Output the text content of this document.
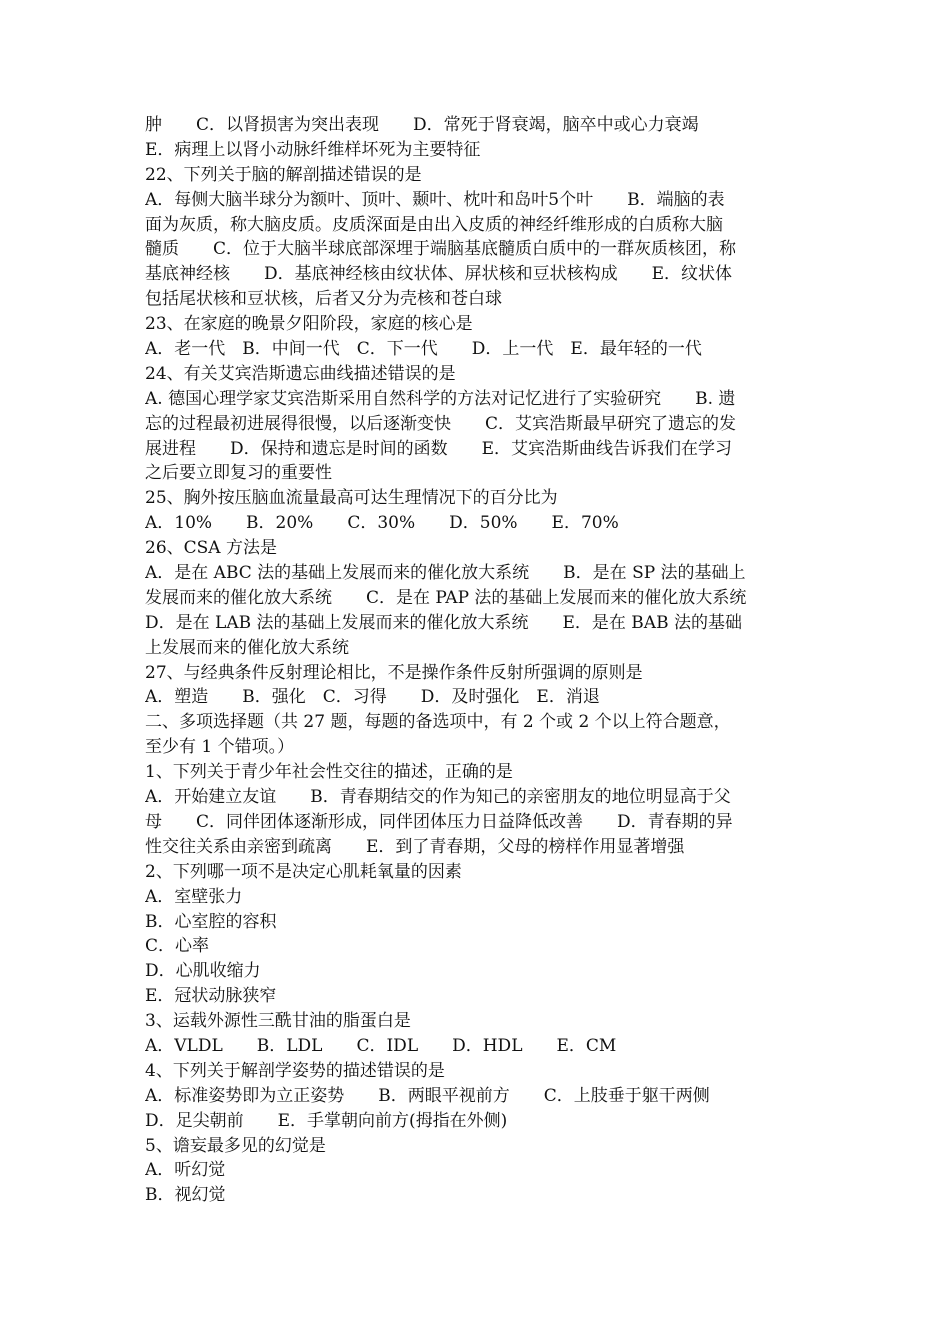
肿　　C．以肾损害为突出表现　　D．常死于肾衰竭，脑卒中或心力衰竭
E．病理上以肾小动脉纤维样坏死为主要特征
22、下列关于脑的解剖描述错误的是
A．每侧大脑半球分为额叶、顶叶、颞叶、枕叶和岛叶5个叶　　B．端脑的表
面为灰质，称大脑皮质。皮质深面是由出入皮质的神经纤维形成的白质称大脑
髓质　　C．位于大脑半球底部深埋于端脑基底髓质白质中的一群灰质核团，称
基底神经核　　D．基底神经核由纹状体、屏状核和豆状核构成　　E．纹状体
包括尾状核和豆状核，后者又分为壳核和苍白球
23、在家庭的晚景夕阳阶段，家庭的核心是
A．老一代　B．中间一代　C．下一代　　D．上一代　E．最年轻的一代
24、有关艾宾浩斯遗忘曲线描述错误的是
A. 德国心理学家艾宾浩斯采用自然科学的方法对记忆进行了实验研究　　B. 遗
忘的过程最初进展得很慢，以后逐渐变快　　C．艾宾浩斯最早研究了遗忘的发
展进程　　D．保持和遗忘是时间的函数　　E．艾宾浩斯曲线告诉我们在学习
之后要立即复习的重要性
25、胸外按压脑血流量最高可达生理情况下的百分比为
A．10%　　B．20%　　C．30%　　D．50%　　E．70%
26、CSA 方法是
A．是在 ABC 法的基础上发展而来的催化放大系统　　B．是在 SP 法的基础上
发展而来的催化放大系统　　C．是在 PAP 法的基础上发展而来的催化放大系统
D．是在 LAB 法的基础上发展而来的催化放大系统　　E．是在 BAB 法的基础
上发展而来的催化放大系统
27、与经典条件反射理论相比，不是操作条件反射所强调的原则是
A．塑造　　B．强化　C．习得　　D．及时强化　E．消退
二、多项选择题（共 27 题，每题的备选项中，有 2 个或 2 个以上符合题意，
至少有 1 个错项。）
1、下列关于青少年社会性交往的描述，正确的是
A．开始建立友谊　　B．青春期结交的作为知己的亲密朋友的地位明显高于父
母　　C．同伴团体逐渐形成，同伴团体压力日益降低改善　　D．青春期的异
性交往关系由亲密到疏离　　E．到了青春期，父母的榜样作用显著增强
2、下列哪一项不是决定心肌耗氧量的因素
A．室壁张力
B．心室腔的容积
C．心率
D．心肌收缩力
E．冠状动脉狭窄
3、运载外源性三酰甘油的脂蛋白是
A．VLDL　　B．LDL　　C．IDL　　D．HDL　　E．CM
4、下列关于解剖学姿势的描述错误的是
A．标准姿势即为立正姿势　　B．两眼平视前方　　C．上肢垂于躯干两侧
D．足尖朝前　　E．手掌朝向前方(拇指在外侧)
5、谵妄最多见的幻觉是
A．听幻觉
B．视幻觉
